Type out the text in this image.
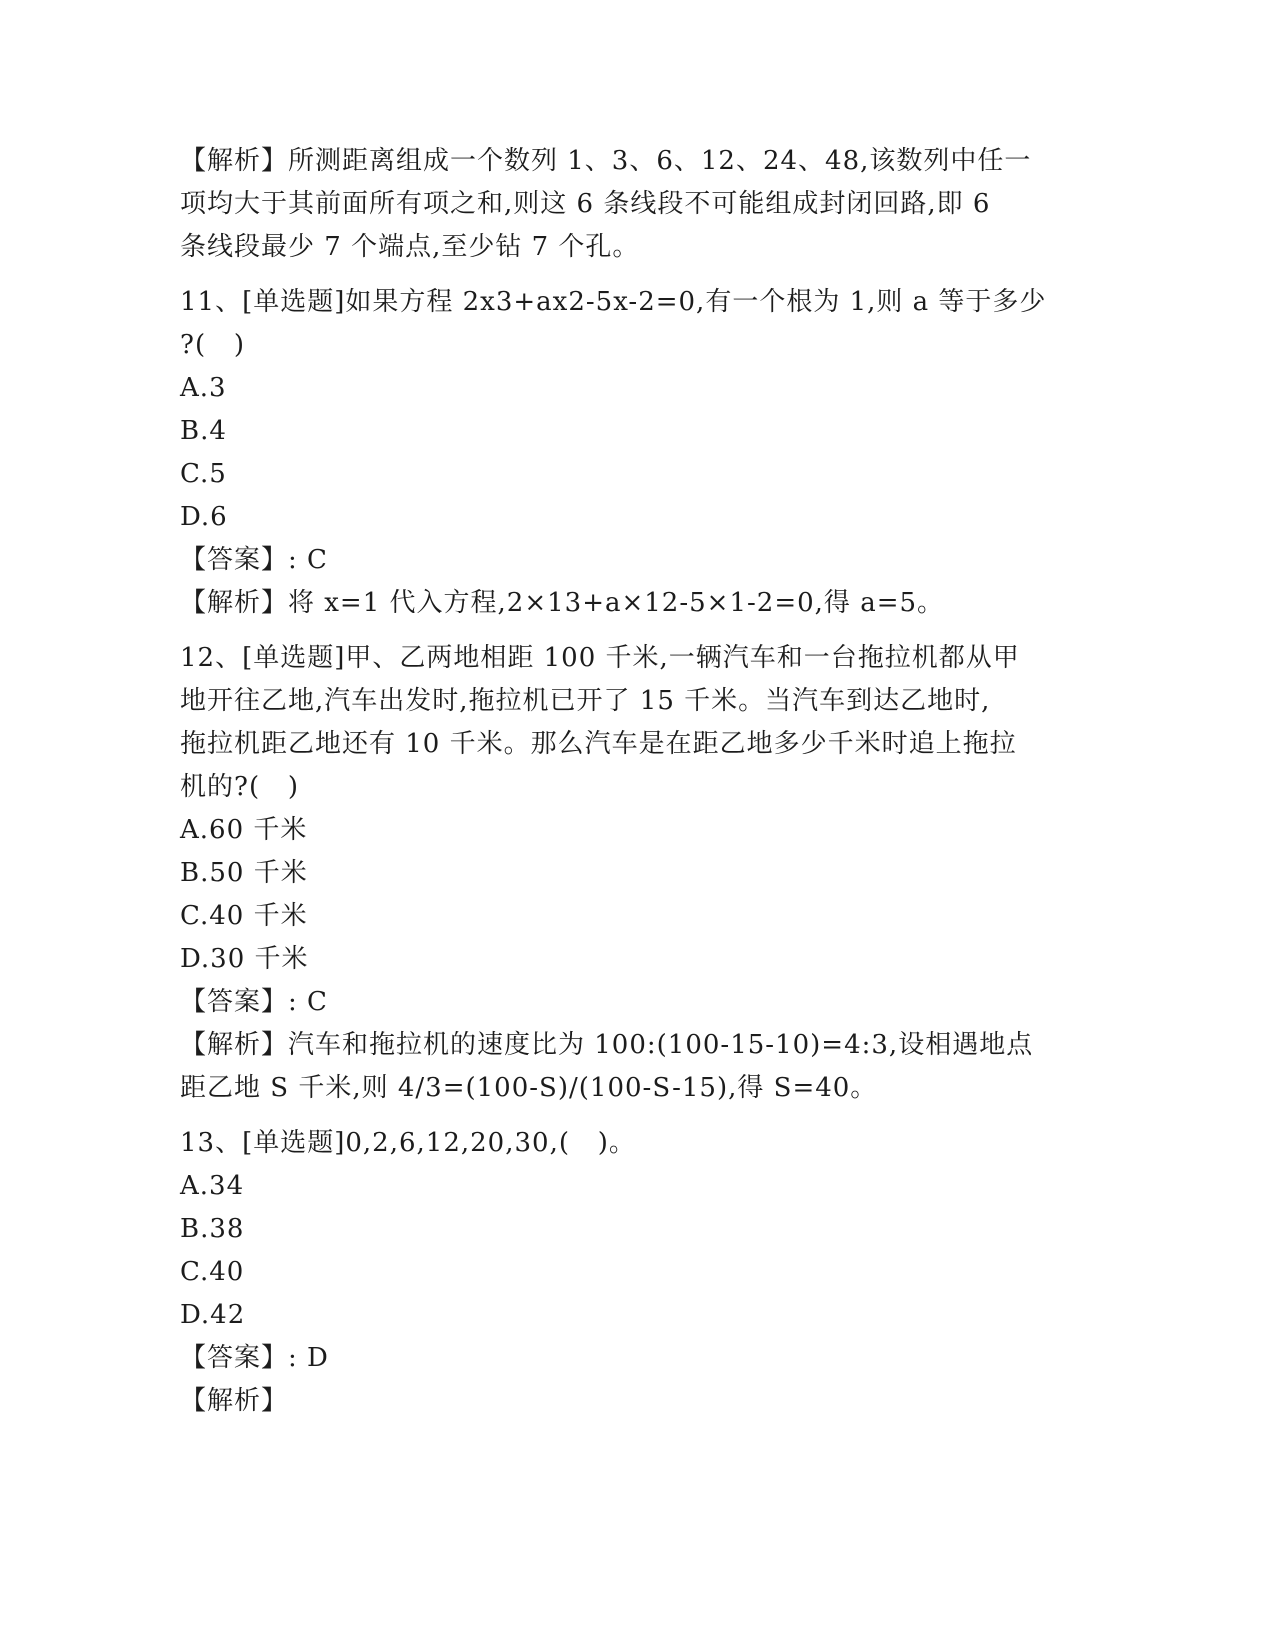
【解析】所测距离组成一个数列 1、3、6、12、24、48,该数列中任一
项均大于其前面所有项之和,则这 6 条线段不可能组成封闭回路,即 6
条线段最少 7 个端点,至少钻 7 个孔。
11、[单选题]如果方程 2x3+ax2-5x-2=0,有一个根为 1,则 a 等于多少
?(   )
A.3
B.4
C.5
D.6
【答案】: C
【解析】将 x=1 代入方程,2×13+a×12-5×1-2=0,得 a=5。
12、[单选题]甲、乙两地相距 100 千米,一辆汽车和一台拖拉机都从甲
地开往乙地,汽车出发时,拖拉机已开了 15 千米。当汽车到达乙地时,
拖拉机距乙地还有 10 千米。那么汽车是在距乙地多少千米时追上拖拉
机的?(   )
A.60 千米
B.50 千米
C.40 千米
D.30 千米
【答案】: C
【解析】汽车和拖拉机的速度比为 100:(100-15-10)=4:3,设相遇地点
距乙地 S 千米,则 4/3=(100-S)/(100-S-15),得 S=40。
13、[单选题]0,2,6,12,20,30,(   )。
A.34
B.38
C.40
D.42
【答案】: D
【解析】
